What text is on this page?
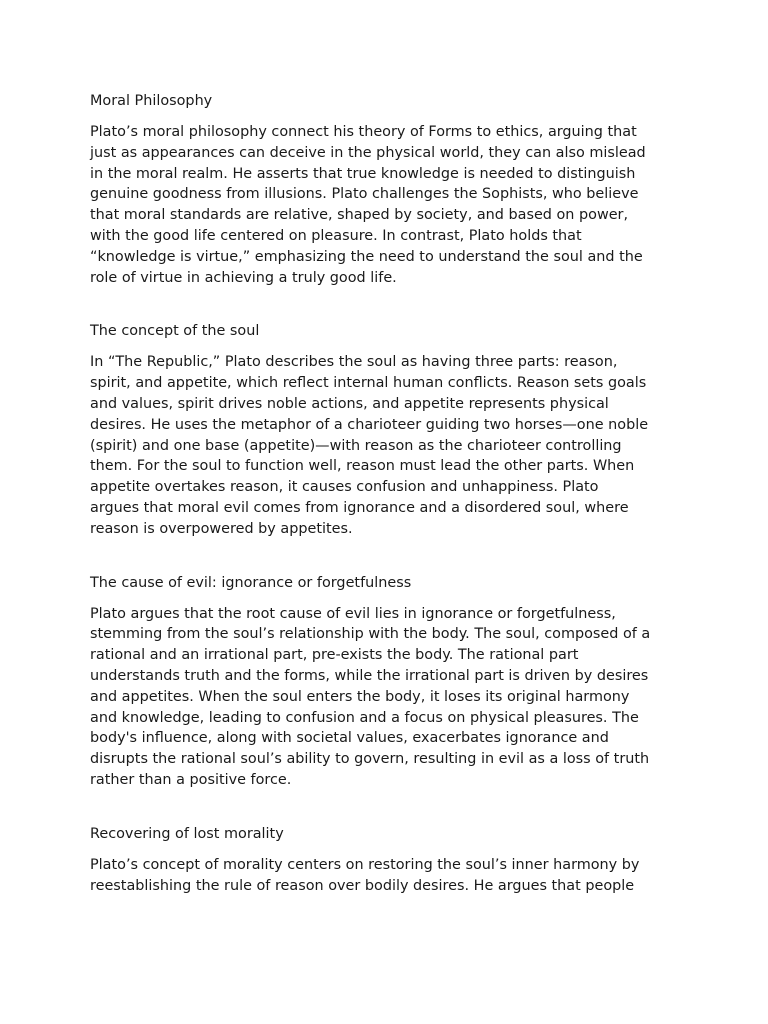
Moral Philosophy

Plato’s moral philosophy connect his theory of Forms to ethics, arguing that
just as appearances can deceive in the physical world, they can also mislead
in the moral realm. He asserts that true knowledge is needed to distinguish
genuine goodness from illusions. Plato challenges the Sophists, who believe
that moral standards are relative, shaped by society, and based on power,
with the good life centered on pleasure. In contrast, Plato holds that
“knowledge is virtue,” emphasizing the need to understand the soul and the
role of virtue in achieving a truly good life.

The concept of the soul

In “The Republic,” Plato describes the soul as having three parts: reason,
spirit, and appetite, which reflect internal human conflicts. Reason sets goals
and values, spirit drives noble actions, and appetite represents physical
desires. He uses the metaphor of a charioteer guiding two horses—one noble
(spirit) and one base (appetite)—with reason as the charioteer controlling
them. For the soul to function well, reason must lead the other parts. When
appetite overtakes reason, it causes confusion and unhappiness. Plato
argues that moral evil comes from ignorance and a disordered soul, where
reason is overpowered by appetites.

The cause of evil: ignorance or forgetfulness

Plato argues that the root cause of evil lies in ignorance or forgetfulness,
stemming from the soul’s relationship with the body. The soul, composed of a
rational and an irrational part, pre-exists the body. The rational part
understands truth and the forms, while the irrational part is driven by desires
and appetites. When the soul enters the body, it loses its original harmony
and knowledge, leading to confusion and a focus on physical pleasures. The
body's influence, along with societal values, exacerbates ignorance and
disrupts the rational soul’s ability to govern, resulting in evil as a loss of truth
rather than a positive force.

Recovering of lost morality

Plato’s concept of morality centers on restoring the soul’s inner harmony by
reestablishing the rule of reason over bodily desires. He argues that people
